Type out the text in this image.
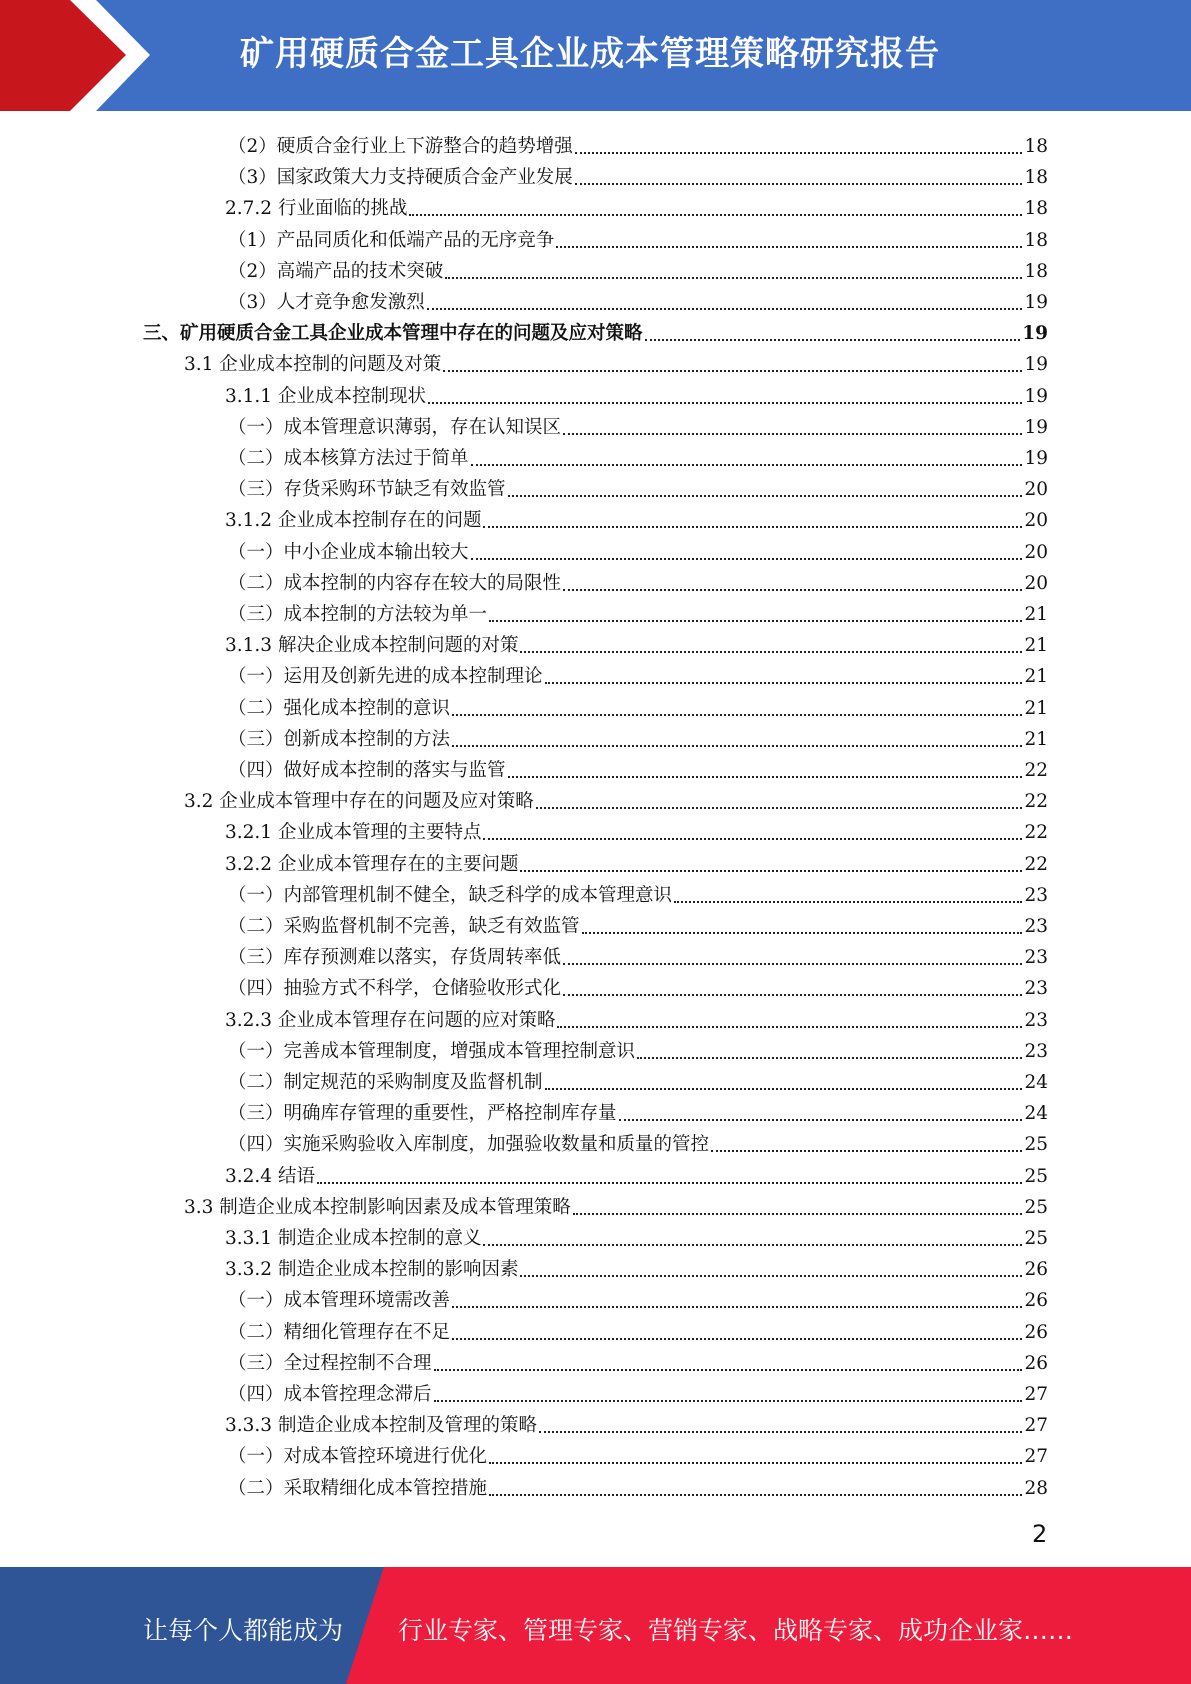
矿用硬质合金工具企业成本管理策略研究报告
（2）硬质合金行业上下游整合的趋势增强	18
（3）国家政策大力支持硬质合金产业发展	18
2.7.2 行业面临的挑战	18
（1）产品同质化和低端产品的无序竞争	18
（2）高端产品的技术突破	18
（3）人才竞争愈发激烈	19
三、矿用硬质合金工具企业成本管理中存在的问题及应对策略	19
3.1 企业成本控制的问题及对策	19
3.1.1 企业成本控制现状	19
（一）成本管理意识薄弱，存在认知误区	19
（二）成本核算方法过于简单	19
（三）存货采购环节缺乏有效监管	20
3.1.2 企业成本控制存在的问题	20
（一）中小企业成本输出较大	20
（二）成本控制的内容存在较大的局限性	20
（三）成本控制的方法较为单一	21
3.1.3 解决企业成本控制问题的对策	21
（一）运用及创新先进的成本控制理论	21
（二）强化成本控制的意识	21
（三）创新成本控制的方法	21
（四）做好成本控制的落实与监管	22
3.2 企业成本管理中存在的问题及应对策略	22
3.2.1 企业成本管理的主要特点	22
3.2.2 企业成本管理存在的主要问题	22
（一）内部管理机制不健全，缺乏科学的成本管理意识	23
（二）采购监督机制不完善，缺乏有效监管	23
（三）库存预测难以落实，存货周转率低	23
（四）抽验方式不科学，仓储验收形式化	23
3.2.3 企业成本管理存在问题的应对策略	23
（一）完善成本管理制度，增强成本管理控制意识	23
（二）制定规范的采购制度及监督机制	24
（三）明确库存管理的重要性，严格控制库存量	24
（四）实施采购验收入库制度，加强验收数量和质量的管控	25
3.2.4 结语	25
3.3 制造企业成本控制影响因素及成本管理策略	25
3.3.1 制造企业成本控制的意义	25
3.3.2 制造企业成本控制的影响因素	26
（一）成本管理环境需改善	26
（二）精细化管理存在不足	26
（三）全过程控制不合理	26
（四）成本管控理念滞后	27
3.3.3 制造企业成本控制及管理的策略	27
（一）对成本管控环境进行优化	27
（二）采取精细化成本管控措施	28
2
让每个人都能成为 行业专家、管理专家、营销专家、战略专家、成功企业家……
